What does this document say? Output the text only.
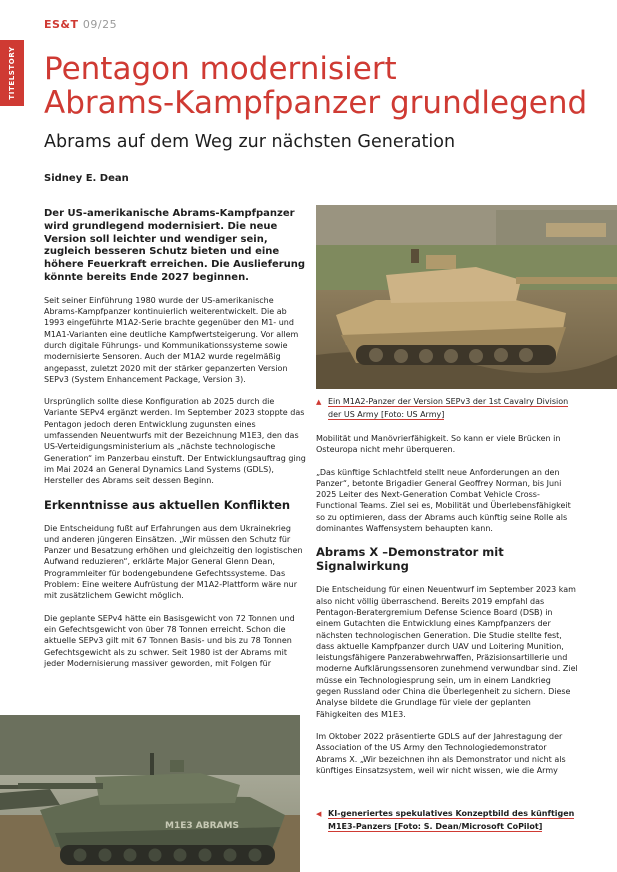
ES&T 09/25
TITELSTORY Pentagon modernisiert
Abrams-Kampfpanzer grundlegend
Abrams auf dem Weg zur nächsten Generation
Sidney E. Dean

Der US-amerikanische Abrams-Kampfpanzer wird grundlegend modernisiert. Die neue Version soll leichter und wendiger sein, zugleich besseren Schutz bieten und eine höhere Feuerkraft erreichen. Die Auslieferung könnte bereits Ende 2027 beginnen.

Seit seiner Einführung 1980 wurde der US-amerikanische Abrams-Kampfpanzer kontinuierlich weiterentwickelt. Die ab 1993 eingeführte M1A2-Serie brachte gegenüber den M1- und M1A1-Varianten eine deutliche Kampfwertsteigerung. Vor allem durch digitale Führungs- und Kommunikationssysteme sowie modernisierte Sensoren. Auch der M1A2 wurde regelmäßig angepasst, zuletzt 2020 mit der stärker gepanzerten Version SEPv3 (System Enhancement Package, Version 3).

Ursprünglich sollte diese Konfiguration ab 2025 durch die Variante SEPv4 ergänzt werden. Im September 2023 stoppte das Pentagon jedoch deren Entwicklung zugunsten eines umfassenden Neuentwurfs mit der Bezeichnung M1E3, den das US-Verteidigungsministerium als „nächste technologische Generation“ im Panzerbau einstuft. Der Entwicklungsauftrag ging im Mai 2024 an General Dynamics Land Systems (GDLS), Hersteller des Abrams seit dessen Beginn.

Erkenntnisse aus aktuellen Konflikten

Die Entscheidung fußt auf Erfahrungen aus dem Ukrainekrieg und anderen jüngeren Einsätzen. „Wir müssen den Schutz für Panzer und Besatzung erhöhen und gleichzeitig den logistischen Aufwand reduzieren“, erklärte Major General Glenn Dean, Programmleiter für bodengebundene Gefechtssysteme. Das Problem: Eine weitere Aufrüstung der M1A2-Plattform wäre nur mit zusätzlichem Gewicht möglich.

Die geplante SEPv4 hätte ein Basisgewicht von 72 Tonnen und ein Gefechtsgewicht von über 78 Tonnen erreicht. Schon die aktuelle SEPv3 gilt mit 67 Tonnen Basis- und bis zu 78 Tonnen Gefechtsgewicht als zu schwer. Seit 1980 ist der Abrams mit jeder Modernisierung massiver geworden, mit Folgen für

▲ Ein M1A2-Panzer der Version SEPv3 der 1st Cavalry Division
der US Army [Foto: US Army]

Mobilität und Manövrierfähigkeit. So kann er viele Brücken in Osteuropa nicht mehr überqueren.

„Das künftige Schlachtfeld stellt neue Anforderungen an den Panzer“, betonte Brigadier General Geoffrey Norman, bis Juni 2025 Leiter des Next-Generation Combat Vehicle Cross-Functional Teams. Ziel sei es, Mobilität und Überlebensfähigkeit so zu optimieren, dass der Abrams auch künftig seine Rolle als dominantes Waffensystem behaupten kann.

Abrams X –Demonstrator mit Signalwirkung

Die Entscheidung für einen Neuentwurf im September 2023 kam also nicht völlig überraschend. Bereits 2019 empfahl das Pentagon-Beratergremium Defense Science Board (DSB) in einem Gutachten die Entwicklung eines Kampfpanzers der nächsten technologischen Generation. Die Studie stellte fest, dass aktuelle Kampfpanzer durch UAV und Loitering Munition, leistungsfähigere Panzerabwehrwaffen, Präzisionsartillerie und moderne Aufklärungssensoren zunehmend verwundbar sind. Ziel müsse ein Technologiesprung sein, um in einem Landkrieg gegen Russland oder China die Überlegenheit zu sichern. Diese Analyse bildete die Grundlage für viele der geplanten Fähigkeiten des M1E3.

Im Oktober 2022 präsentierte GDLS auf der Jahrestagung der Association of the US Army den Technologiedemonstrator Abrams X. „Wir bezeichnen ihn als Demonstrator und nicht als künftiges Einsatzsystem, weil wir nicht wissen, wie die Army

M1E3 ABRAMS
◀ KI-generiertes spekulatives Konzeptbild des künftigen
M1E3-Panzers [Foto: S. Dean/Microsoft CoPilot]
